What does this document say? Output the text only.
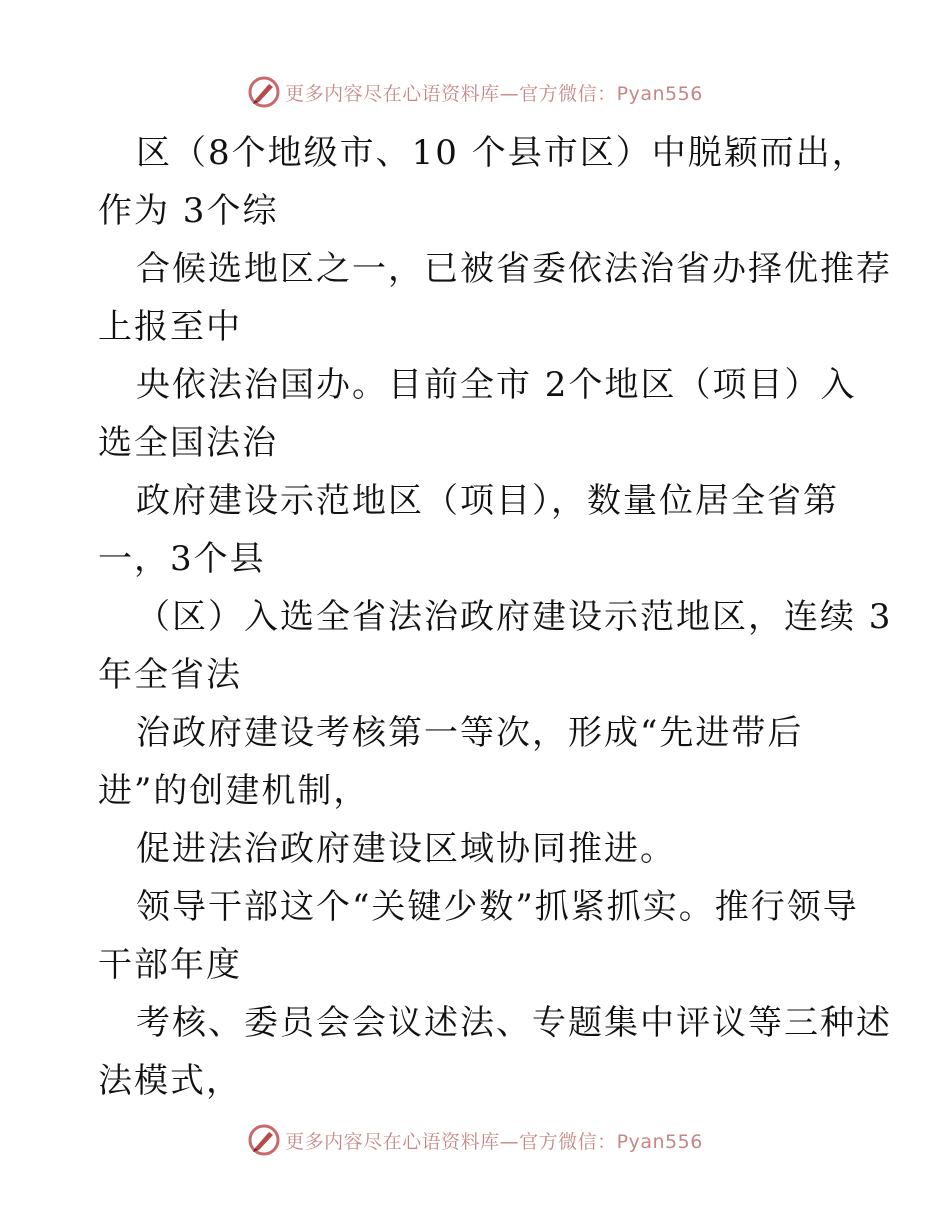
更多内容尽在心语资料库—官方微信：Pyan556
区（8个地级市、10 个县市区）中脱颖而出，
作为 3个综
合候选地区之一，已被省委依法治省办择优推荐
上报至中
央依法治国办。目前全市 2个地区（项目）入
选全国法治
政府建设示范地区（项目），数量位居全省第
一，3个县
（区）入选全省法治政府建设示范地区，连续 3
年全省法
治政府建设考核第一等次，形成“先进带后
进”的创建机制，
促进法治政府建设区域协同推进。
领导干部这个“关键少数”抓紧抓实。推行领导
干部年度
考核、委员会会议述法、专题集中评议等三种述
法模式，
更多内容尽在心语资料库—官方微信：Pyan556
